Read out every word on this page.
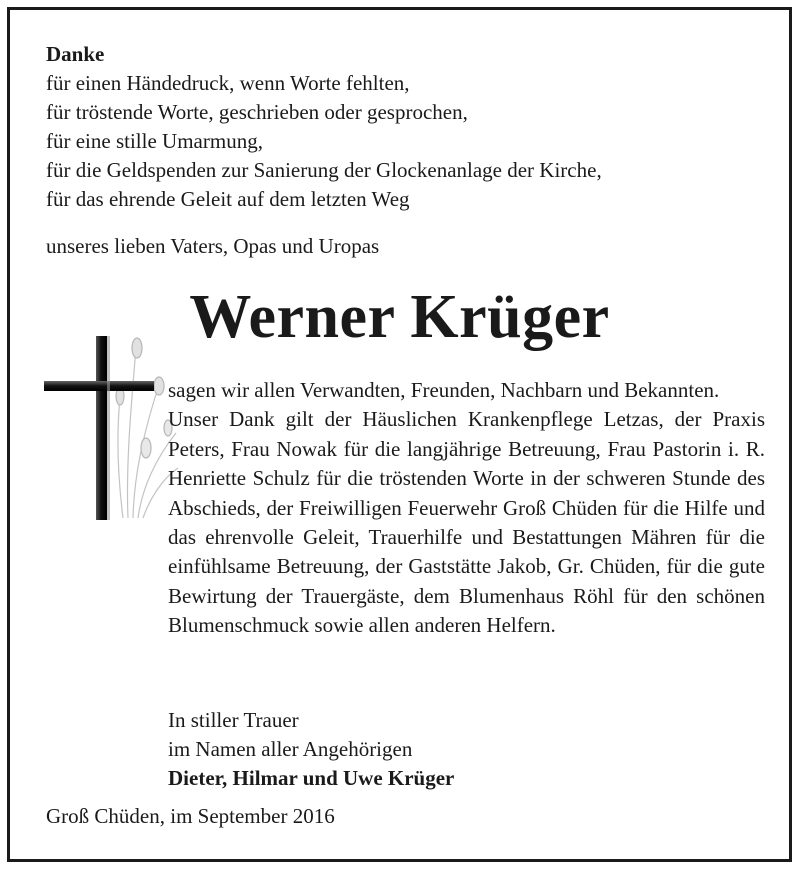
Danke
für einen Händedruck, wenn Worte fehlten,
für tröstende Worte, geschrieben oder gesprochen,
für eine stille Umarmung,
für die Geldspenden zur Sanierung der Glockenanlage der Kirche,
für das ehrende Geleit auf dem letzten Weg
unseres lieben Vaters, Opas und Uropas
Werner Krüger

sagen wir allen Verwandten, Freunden, Nachbarn und Bekannten.

Unser Dank gilt der Häuslichen Krankenpflege Letzas, der Praxis Peters, Frau Nowak für die langjährige Betreuung, Frau Pastorin i. R. Henriette Schulz für die tröstenden Worte in der schweren Stunde des Abschieds, der Freiwilligen Feuerwehr Groß Chüden für die Hilfe und das ehrenvolle Geleit, Trauerhilfe und Bestattungen Mähren für die einfühlsame Betreuung, der Gaststätte Jakob, Gr. Chüden, für die gute Bewirtung der Trauergäste, dem Blumenhaus Röhl für den schönen Blumenschmuck sowie allen anderen Helfern.

In stiller Trauer
im Namen aller Angehörigen
Dieter, Hilmar und Uwe Krüger
Groß Chüden, im September 2016
